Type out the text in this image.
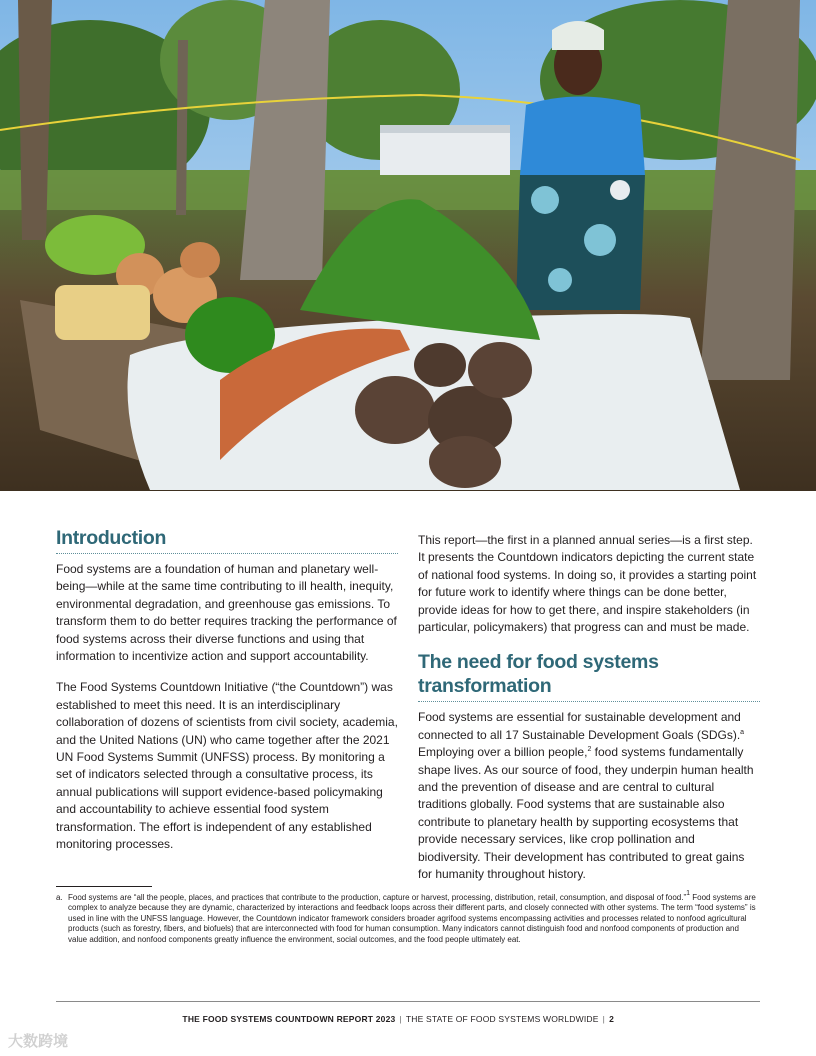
Introduction

Food systems are a foundation of human and planetary well-being—while at the same time contributing to ill health, inequity, environmental degradation, and greenhouse gas emissions. To transform them to do better requires tracking the performance of food systems across their diverse functions and using that information to incentivize action and support accountability.

The Food Systems Countdown Initiative (“the Countdown”) was established to meet this need. It is an interdisciplinary collaboration of dozens of scientists from civil society, academia, and the United Nations (UN) who came together after the 2021 UN Food Systems Summit (UNFSS) process. By monitoring a set of indicators selected through a consultative process, its annual publications will support evidence-based policymaking and accountability to achieve essential food system transformation. The effort is independent of any established monitoring processes.

This report—the first in a planned annual series—is a first step. It presents the Countdown indicators depicting the current state of national food systems. In doing so, it provides a starting point for future work to identify where things can be done better, provide ideas for how to get there, and inspire stakeholders (in particular, policymakers) that progress can and must be made.

The need for food systems transformation

Food systems are essential for sustainable development and connected to all 17 Sustainable Development Goals (SDGs).$^a$ Employing over a billion people,$^2$ food systems fundamentally shape lives. As our source of food, they underpin human health and the prevention of disease and are central to cultural traditions globally. Food systems that are sustainable also contribute to planetary health by supporting ecosystems that provide necessary services, like crop pollination and biodiversity. Their development has contributed to great gains for humanity throughout history.

a. Food systems are “all the people, places, and practices that contribute to the production, capture or harvest, processing, distribution, retail, consumption, and disposal of food.”$^1$ Food systems are complex to analyze because they are dynamic, characterized by interactions and feedback loops across their different parts, and closely connected with other systems. The term “food systems” is used in line with the UNFSS language. However, the Countdown indicator framework considers broader agrifood systems encompassing activities and processes related to nonfood agricultural products (such as forestry, fibers, and biofuels) that are interconnected with food for human consumption. Many indicators cannot distinguish food and nonfood components of production and value addition, and nonfood components greatly influence the environment, social outcomes, and the food people ultimately eat.
THE FOOD SYSTEMS COUNTDOWN REPORT 2023 | THE STATE OF FOOD SYSTEMS WORLDWIDE | 2
大数跨境
